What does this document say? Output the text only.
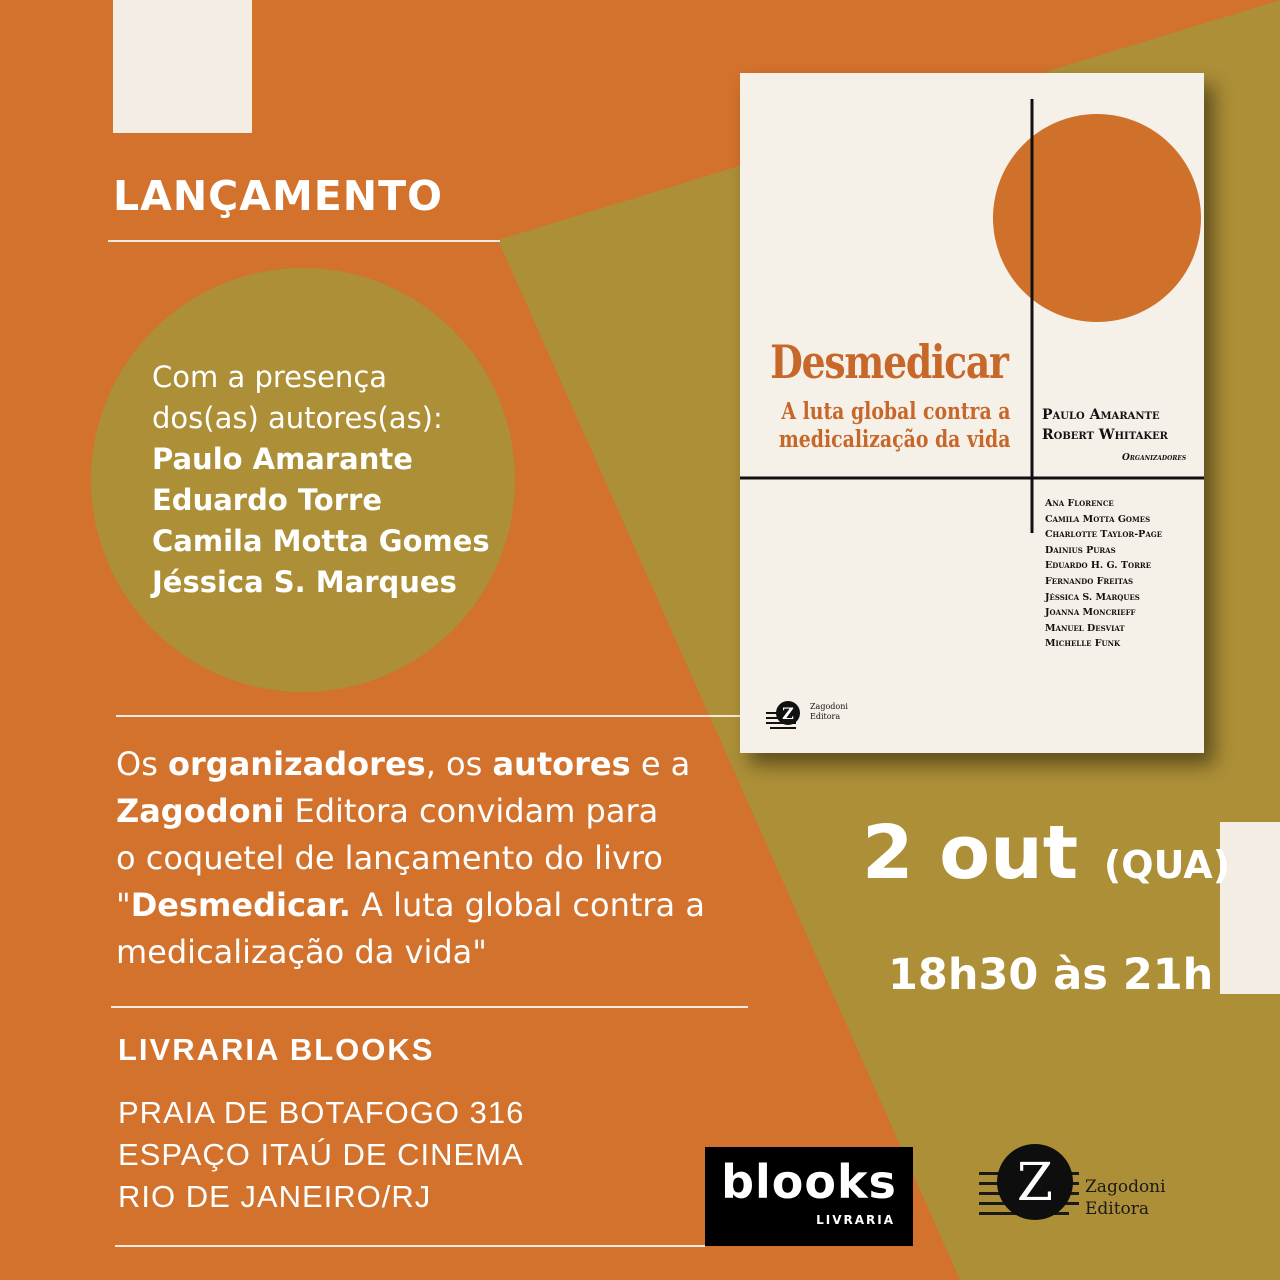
LANÇAMENTO
Com a presença
dos(as) autores(as):
Paulo Amarante
Eduardo Torre
Camila Motta Gomes
Jéssica S. Marques
Os organizadores, os autores e a
Zagodoni Editora convidam para
o coquetel de lançamento do livro
"Desmedicar. A luta global contra a
medicalização da vida"
LIVRARIA BLOOKS
PRAIA DE BOTAFOGO 316
ESPAÇO ITAÚ DE CINEMA
RIO DE JANEIRO/RJ
2 out (QUA)
18h30 às 21h
Desmedicar
A luta global contra a
medicalização da vida
Paulo Amarante
Robert Whitaker
Organizadores
Ana Florence
Camila Motta Gomes
Charlotte Taylor-Page
Dainius Puras
Eduardo H. G. Torre
Fernando Freitas
Jéssica S. Marques
Joanna Moncrieff
Manuel Desviat
Michelle Funk
Z Zagodoni
Editora
blooks
LIVRARIA
Z Zagodoni
Editora
